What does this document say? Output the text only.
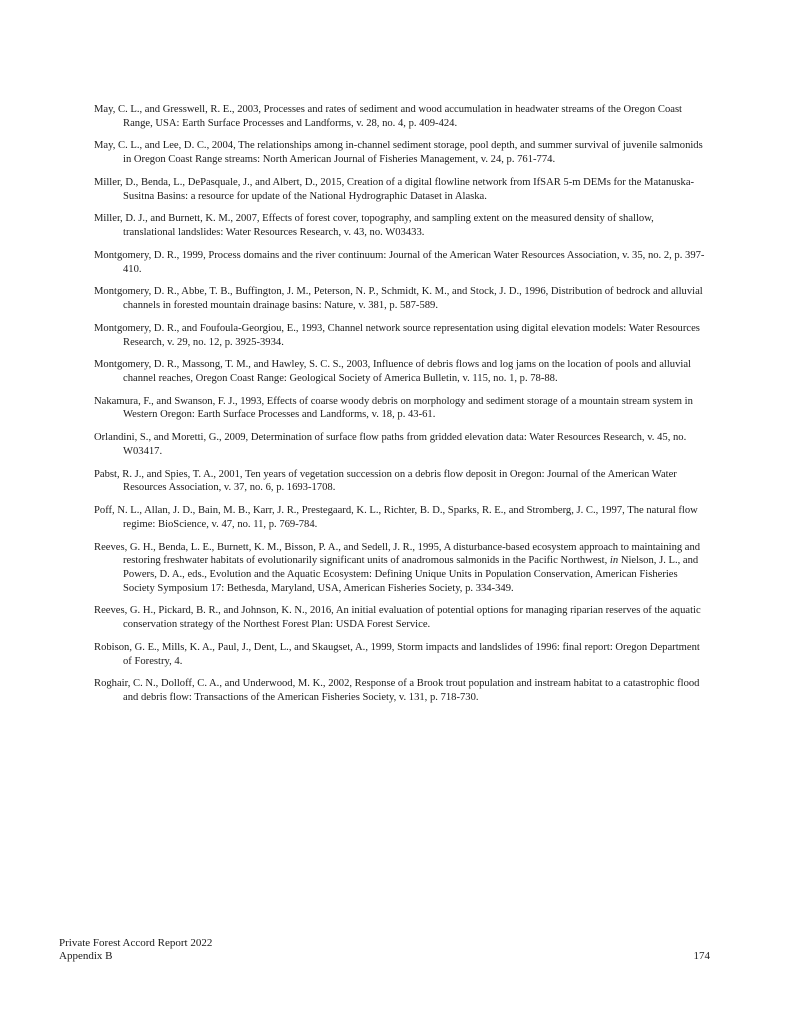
May, C. L., and Gresswell, R. E., 2003, Processes and rates of sediment and wood accumulation in headwater streams of the Oregon Coast Range, USA: Earth Surface Processes and Landforms, v. 28, no. 4, p. 409-424.

May, C. L., and Lee, D. C., 2004, The relationships among in-channel sediment storage, pool depth, and summer survival of juvenile salmonids in Oregon Coast Range streams: North American Journal of Fisheries Management, v. 24, p. 761-774.

Miller, D., Benda, L., DePasquale, J., and Albert, D., 2015, Creation of a digital flowline network from IfSAR 5-m DEMs for the Matanuska-Susitna Basins: a resource for update of the National Hydrographic Dataset in Alaska.

Miller, D. J., and Burnett, K. M., 2007, Effects of forest cover, topography, and sampling extent on the measured density of shallow, translational landslides: Water Resources Research, v. 43, no. W03433.

Montgomery, D. R., 1999, Process domains and the river continuum: Journal of the American Water Resources Association, v. 35, no. 2, p. 397-410.

Montgomery, D. R., Abbe, T. B., Buffington, J. M., Peterson, N. P., Schmidt, K. M., and Stock, J. D., 1996, Distribution of bedrock and alluvial channels in forested mountain drainage basins: Nature, v. 381, p. 587-589.

Montgomery, D. R., and Foufoula-Georgiou, E., 1993, Channel network source representation using digital elevation models: Water Resources Research, v. 29, no. 12, p. 3925-3934.

Montgomery, D. R., Massong, T. M., and Hawley, S. C. S., 2003, Influence of debris flows and log jams on the location of pools and alluvial channel reaches, Oregon Coast Range: Geological Society of America Bulletin, v. 115, no. 1, p. 78-88.

Nakamura, F., and Swanson, F. J., 1993, Effects of coarse woody debris on morphology and sediment storage of a mountain stream system in Western Oregon: Earth Surface Processes and Landforms, v. 18, p. 43-61.

Orlandini, S., and Moretti, G., 2009, Determination of surface flow paths from gridded elevation data: Water Resources Research, v. 45, no. W03417.

Pabst, R. J., and Spies, T. A., 2001, Ten years of vegetation succession on a debris flow deposit in Oregon: Journal of the American Water Resources Association, v. 37, no. 6, p. 1693-1708.

Poff, N. L., Allan, J. D., Bain, M. B., Karr, J. R., Prestegaard, K. L., Richter, B. D., Sparks, R. E., and Stromberg, J. C., 1997, The natural flow regime: BioScience, v. 47, no. 11, p. 769-784.

Reeves, G. H., Benda, L. E., Burnett, K. M., Bisson, P. A., and Sedell, J. R., 1995, A disturbance-based ecosystem approach to maintaining and restoring freshwater habitats of evolutionarily significant units of anadromous salmonids in the Pacific Northwest, in Nielson, J. L., and Powers, D. A., eds., Evolution and the Aquatic Ecosystem: Defining Unique Units in Population Conservation, American Fisheries Society Symposium 17: Bethesda, Maryland, USA, American Fisheries Society, p. 334-349.

Reeves, G. H., Pickard, B. R., and Johnson, K. N., 2016, An initial evaluation of potential options for managing riparian reserves of the aquatic conservation strategy of the Northest Forest Plan: USDA Forest Service.

Robison, G. E., Mills, K. A., Paul, J., Dent, L., and Skaugset, A., 1999, Storm impacts and landslides of 1996: final report: Oregon Department of Forestry, 4.

Roghair, C. N., Dolloff, C. A., and Underwood, M. K., 2002, Response of a Brook trout population and instream habitat to a catastrophic flood and debris flow: Transactions of the American Fisheries Society, v. 131, p. 718-730.

Private Forest Accord Report 2022
Appendix B	174
